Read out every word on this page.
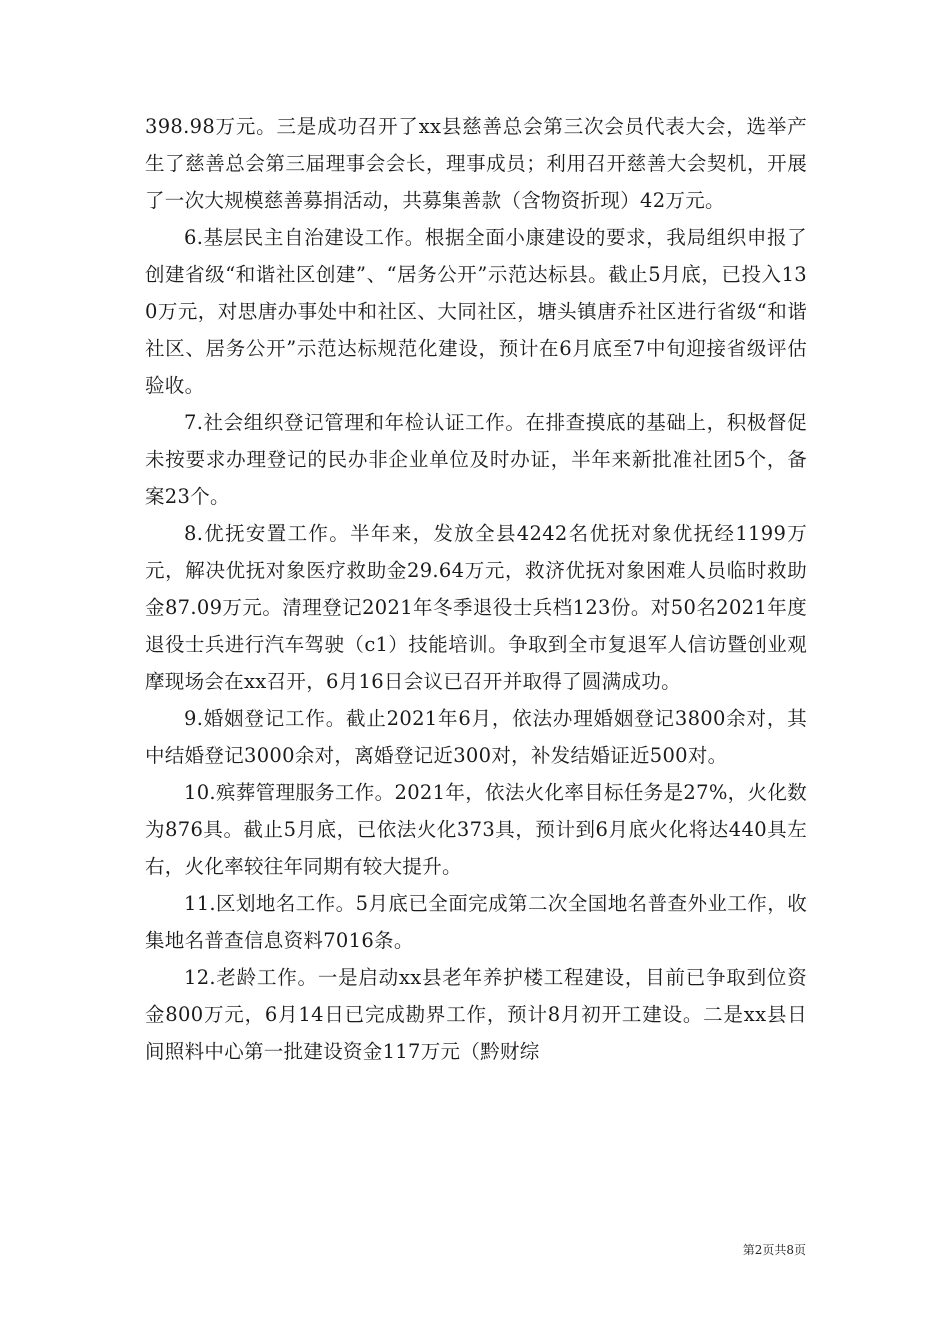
398.98万元。三是成功召开了xx县慈善总会第三次会员代表大会，选举产生了慈善总会第三届理事会会长，理事成员；利用召开慈善大会契机，开展了一次大规模慈善募捐活动，共募集善款（含物资折现）42万元。

6.基层民主自治建设工作。根据全面小康建设的要求，我局组织申报了创建省级“和谐社区创建”、“居务公开”示范达标县。截止5月底，已投入130万元，对思唐办事处中和社区、大同社区，塘头镇唐乔社区进行省级“和谐社区、居务公开”示范达标规范化建设，预计在6月底至7中旬迎接省级评估验收。

7.社会组织登记管理和年检认证工作。在排查摸底的基础上，积极督促未按要求办理登记的民办非企业单位及时办证，半年来新批准社团5个，备案23个。

8.优抚安置工作。半年来，发放全县4242名优抚对象优抚经1199万元，解决优抚对象医疗救助金29.64万元，救济优抚对象困难人员临时救助金87.09万元。清理登记2021年冬季退役士兵档123份。对50名2021年度退役士兵进行汽车驾驶（c1）技能培训。争取到全市复退军人信访暨创业观摩现场会在xx召开，6月16日会议已召开并取得了圆满成功。

9.婚姻登记工作。截止2021年6月，依法办理婚姻登记3800余对，其中结婚登记3000余对，离婚登记近300对，补发结婚证近500对。

10.殡葬管理服务工作。2021年，依法火化率目标任务是27%，火化数为876具。截止5月底，已依法火化373具，预计到6月底火化将达440具左右，火化率较往年同期有较大提升。

11.区划地名工作。5月底已全面完成第二次全国地名普查外业工作，收集地名普查信息资料7016条。

12.老龄工作。一是启动xx县老年养护楼工程建设，目前已争取到位资金800万元，6月14日已完成勘界工作，预计8月初开工建设。二是xx县日间照料中心第一批建设资金117万元（黔财综

第2页共8页
